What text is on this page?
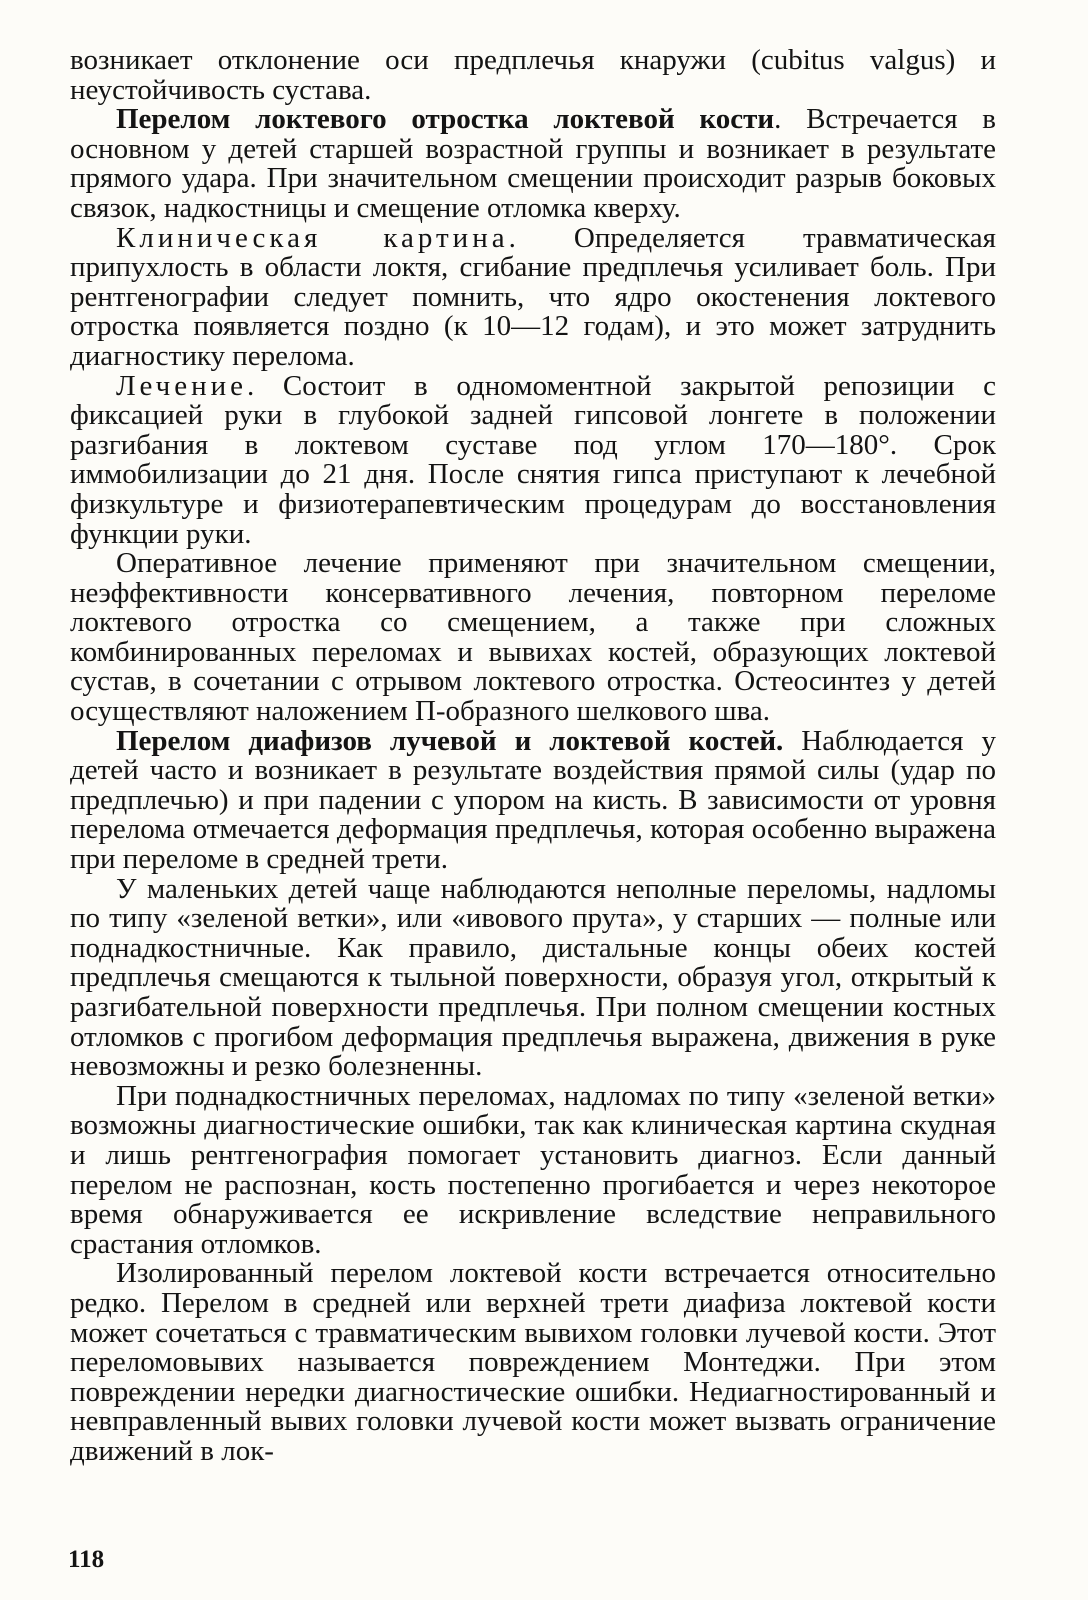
возникает отклонение оси предплечья кнаружи (cubitus valgus) и неустойчивость сустава.

Перелом локтевого отростка локтевой кости. Встречается в основном у детей старшей возрастной группы и возникает в результате прямого удара. При значительном смещении происходит разрыв боковых связок, надкостницы и смещение отломка кверху.

Клиническая картина. Определяется травматическая припухлость в области локтя, сгибание предплечья усиливает боль. При рентгенографии следует помнить, что ядро окостенения локтевого отростка появляется поздно (к 10—12 годам), и это может затруднить диагностику перелома.

Лечение. Состоит в одномоментной закрытой репозиции с фиксацией руки в глубокой задней гипсовой лонгете в положении разгибания в локтевом суставе под углом 170—180°. Срок иммобилизации до 21 дня. После снятия гипса приступают к лечебной физкультуре и физиотерапевтическим процедурам до восстановления функции руки.

Оперативное лечение применяют при значительном смещении, неэффективности консервативного лечения, повторном переломе локтевого отростка со смещением, а также при сложных комбинированных переломах и вывихах костей, образующих локтевой сустав, в сочетании с отрывом локтевого отростка. Остеосинтез у детей осуществляют наложением П-образного шелкового шва.

Перелом диафизов лучевой и локтевой костей. Наблюдается у детей часто и возникает в результате воздействия прямой силы (удар по предплечью) и при падении с упором на кисть. В зависимости от уровня перелома отмечается деформация предплечья, которая особенно выражена при переломе в средней трети.

У маленьких детей чаще наблюдаются неполные переломы, надломы по типу «зеленой ветки», или «ивового прута», у старших — полные или поднадкостничные. Как правило, дистальные концы обеих костей предплечья смещаются к тыльной поверхности, образуя угол, открытый к разгибательной поверхности предплечья. При полном смещении костных отломков с прогибом деформация предплечья выражена, движения в руке невозможны и резко болезненны.

При поднадкостничных переломах, надломах по типу «зеленой ветки» возможны диагностические ошибки, так как клиническая картина скудная и лишь рентгенография помогает установить диагноз. Если данный перелом не распознан, кость постепенно прогибается и через некоторое время обнаруживается ее искривление вследствие неправильного срастания отломков.

Изолированный перелом локтевой кости встречается относительно редко. Перелом в средней или верхней трети диафиза локтевой кости может сочетаться с травматическим вывихом головки лучевой кости. Этот переломовывих называется повреждением Монтеджи. При этом повреждении нередки диагностические ошибки. Недиагностированный и невправленный вывих головки лучевой кости может вызвать ограничение движений в лок-

118
